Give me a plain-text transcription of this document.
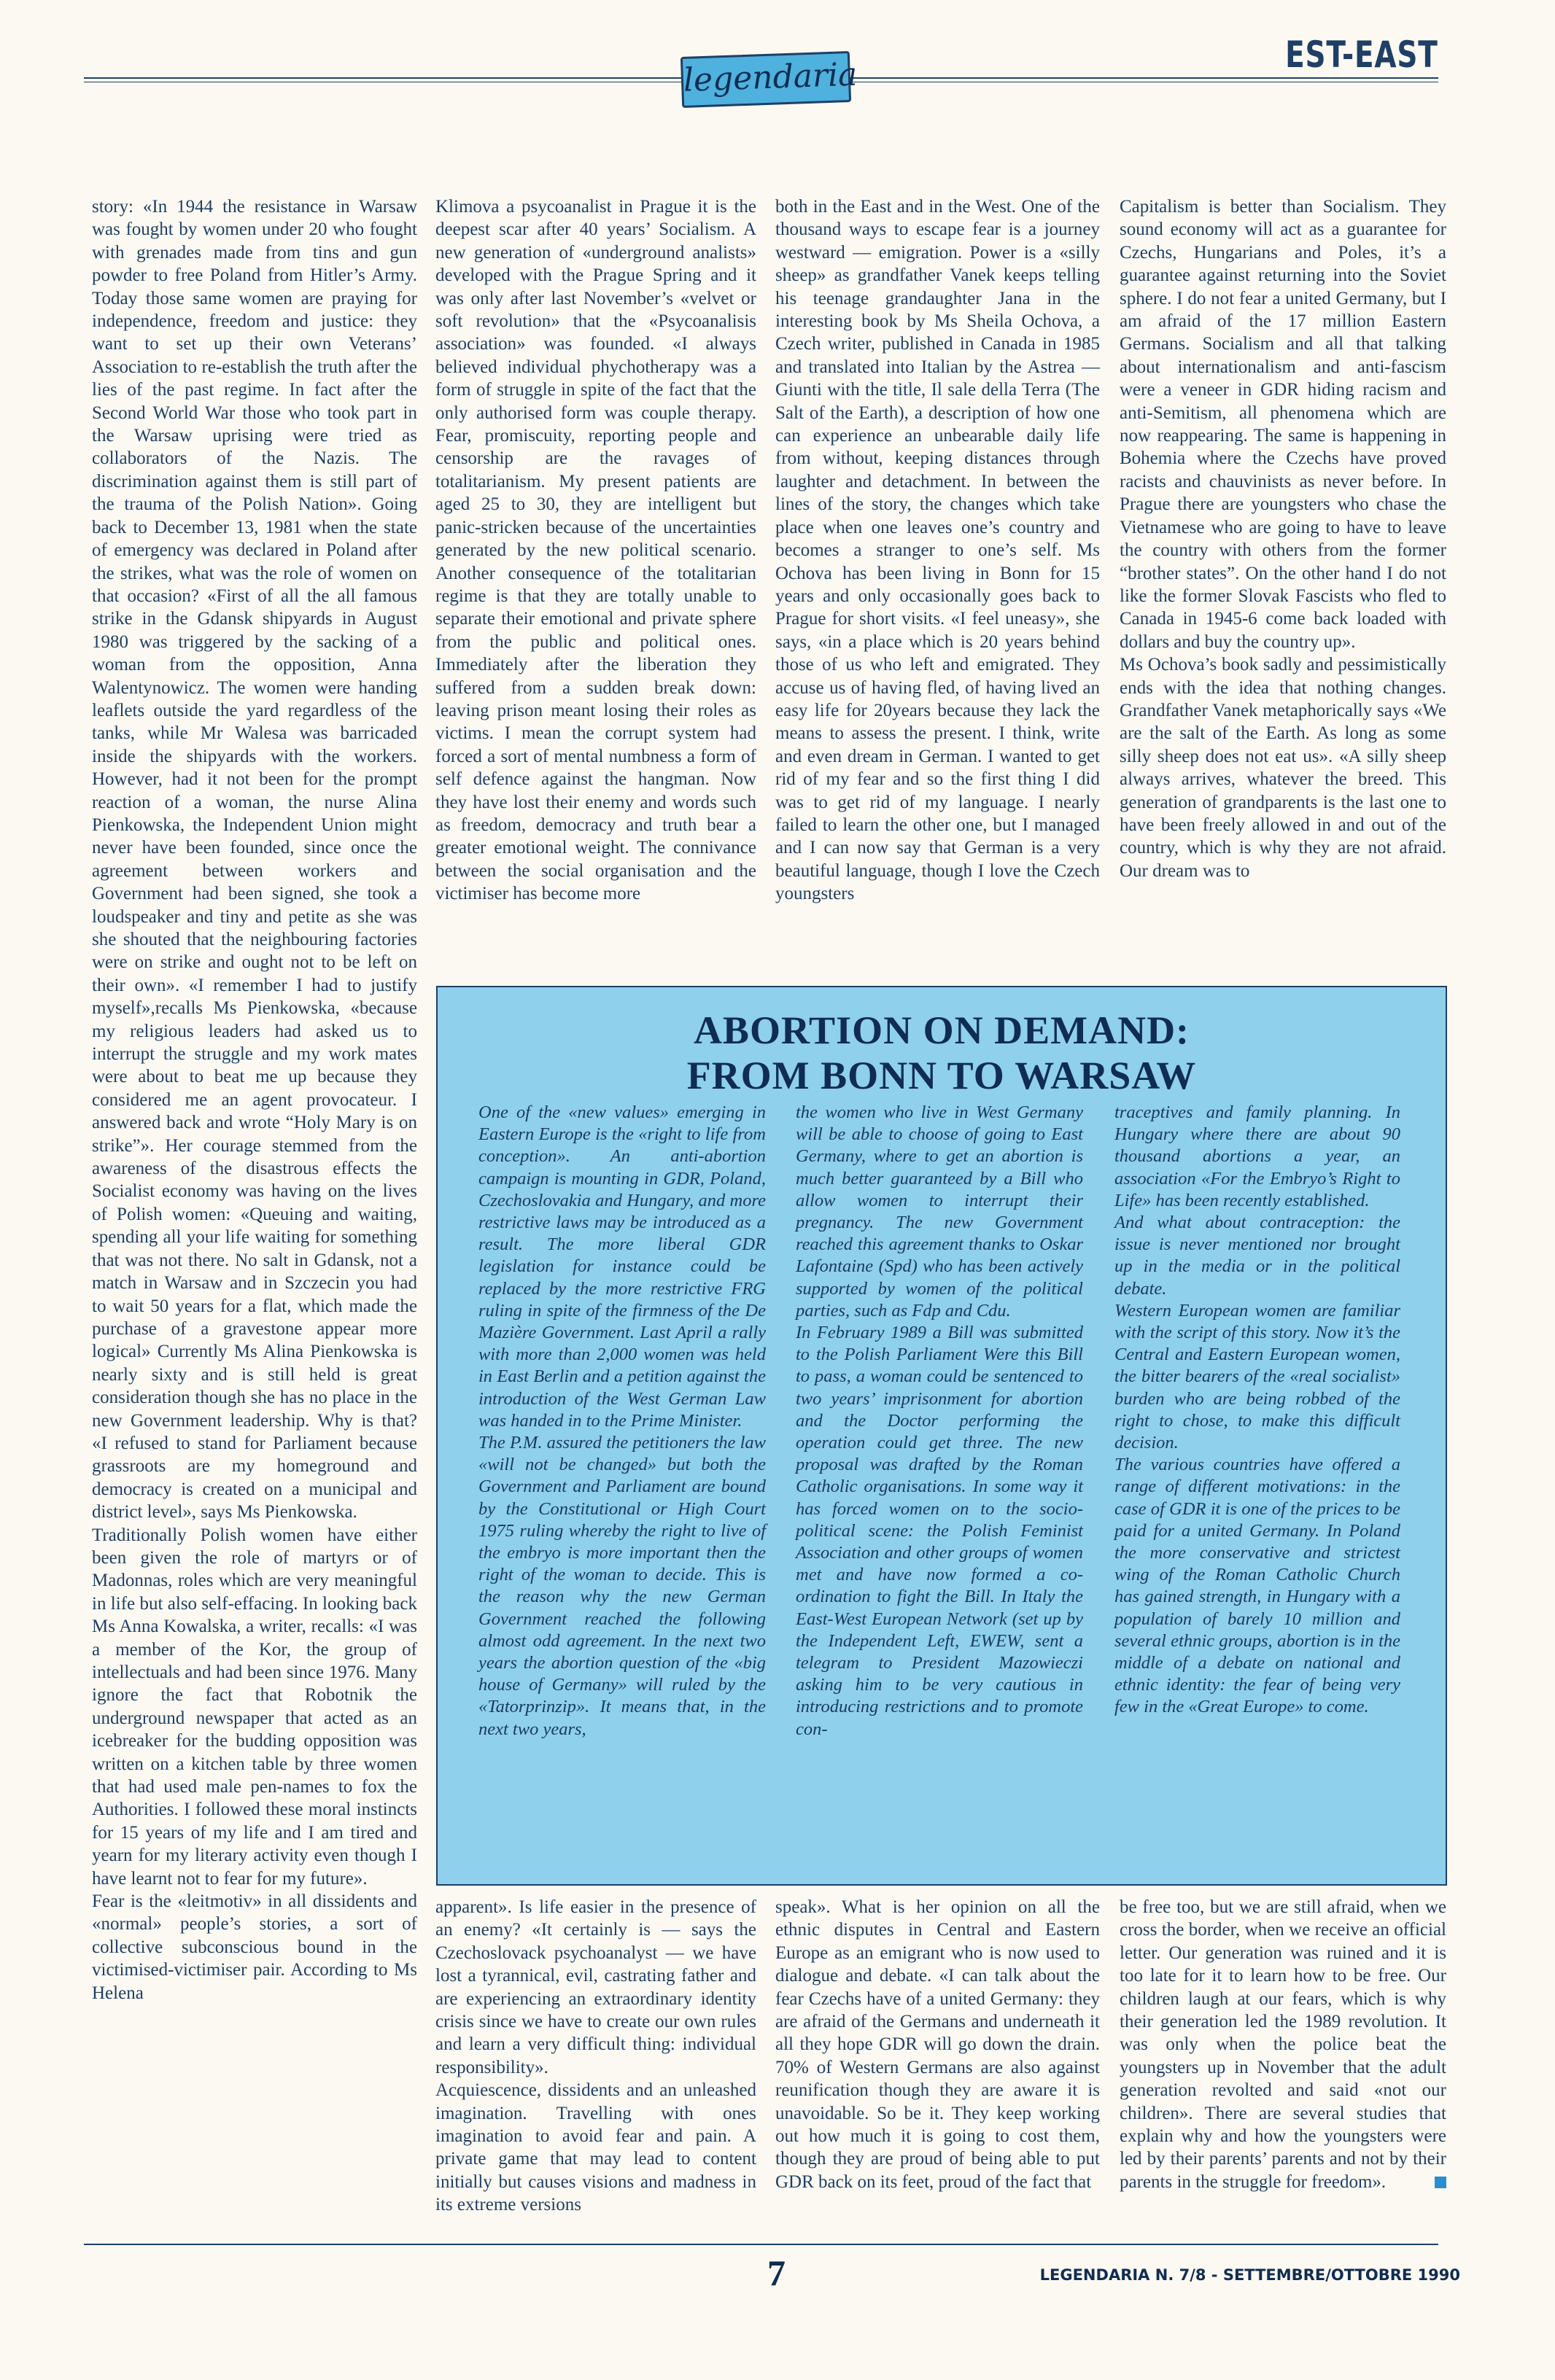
legendaria
EST-EAST

story: «In 1944 the resistance in Warsaw was fought by women under 20 who fought with grenades made from tins and gun powder to free Poland from Hitler’s Army. Today those same women are praying for independence, freedom and justice: they want to set up their own Veterans’ Association to re-establish the truth after the lies of the past regime. In fact after the Second World War those who took part in the Warsaw uprising were tried as collaborators of the Nazis. The discrimination against them is still part of the trauma of the Polish Nation». Going back to December 13, 1981 when the state of emergency was declared in Poland after the strikes, what was the role of women on that occasion? «First of all the all famous strike in the Gdansk shipyards in August 1980 was triggered by the sacking of a woman from the opposition, Anna Walentynowicz. The women were handing leaflets outside the yard regardless of the tanks, while Mr Walesa was barricaded inside the shipyards with the workers. However, had it not been for the prompt reaction of a woman, the nurse Alina Pienkowska, the Independent Union might never have been founded, since once the agreement between workers and Government had been signed, she took a loudspeaker and tiny and petite as she was she shouted that the neighbouring factories were on strike and ought not to be left on their own». «I remember I had to justify myself»,recalls Ms Pienkowska, «because my religious leaders had asked us to interrupt the struggle and my work mates were about to beat me up because they considered me an agent provocateur. I answered back and wrote “Holy Mary is on strike”». Her courage stemmed from the awareness of the disastrous effects the Socialist economy was having on the lives of Polish women: «Queuing and waiting, spending all your life waiting for something that was not there. No salt in Gdansk, not a match in Warsaw and in Szczecin you had to wait 50 years for a flat, which made the purchase of a gravestone appear more logical» Currently Ms Alina Pienkowska is nearly sixty and is still held is great consideration though she has no place in the new Government leadership. Why is that? «I refused to stand for Parliament because grassroots are my homeground and democracy is created on a municipal and district level», says Ms Pienkowska.

Traditionally Polish women have either been given the role of martyrs or of Madonnas, roles which are very meaningful in life but also self-effacing. In looking back Ms Anna Kowalska, a writer, recalls: «I was a member of the Kor, the group of intellectuals and had been since 1976. Many ignore the fact that Robotnik the underground newspaper that acted as an icebreaker for the budding opposition was written on a kitchen table by three women that had used male pen-names to fox the Authorities. I followed these moral instincts for 15 years of my life and I am tired and yearn for my literary activity even though I have learnt not to fear for my future».

Fear is the «leitmotiv» in all dissidents and «normal» people’s stories, a sort of collective subconscious bound in the victimised-victimiser pair. According to Ms Helena

Klimova a psycoanalist in Prague it is the deepest scar after 40 years’ Socialism. A new generation of «underground analists» developed with the Prague Spring and it was only after last November’s «velvet or soft revolution» that the «Psycoanalisis association» was founded. «I always believed individual phychotherapy was a form of struggle in spite of the fact that the only authorised form was couple therapy. Fear, promiscuity, reporting people and censorship are the ravages of totalitarianism. My present patients are aged 25 to 30, they are intelligent but panic-stricken because of the uncertainties generated by the new political scenario. Another consequence of the totalitarian regime is that they are totally unable to separate their emotional and private sphere from the public and political ones. Immediately after the liberation they suffered from a sudden break down: leaving prison meant losing their roles as victims. I mean the corrupt system had forced a sort of mental numbness a form of self defence against the hangman. Now they have lost their enemy and words such as freedom, democracy and truth bear a greater emotional weight. The connivance between the social organisation and the victimiser has become more

both in the East and in the West. One of the thousand ways to escape fear is a journey westward — emigration. Power is a «silly sheep» as grandfather Vanek keeps telling his teenage grandaughter Jana in the interesting book by Ms Sheila Ochova, a Czech writer, published in Canada in 1985 and translated into Italian by the Astrea — Giunti with the title, Il sale della Terra (The Salt of the Earth), a description of how one can experience an unbearable daily life from without, keeping distances through laughter and detachment. In between the lines of the story, the changes which take place when one leaves one’s country and becomes a stranger to one’s self. Ms Ochova has been living in Bonn for 15 years and only occasionally goes back to Prague for short visits. «I feel uneasy», she says, «in a place which is 20 years behind those of us who left and emigrated. They accuse us of having fled, of having lived an easy life for 20years because they lack the means to assess the present. I think, write and even dream in German. I wanted to get rid of my fear and so the first thing I did was to get rid of my language. I nearly failed to learn the other one, but I managed and I can now say that German is a very beautiful language, though I love the Czech youngsters

Capitalism is better than Socialism. They sound economy will act as a guarantee for Czechs, Hungarians and Poles, it’s a guarantee against returning into the Soviet sphere. I do not fear a united Germany, but I am afraid of the 17 million Eastern Germans. Socialism and all that talking about internationalism and anti-fascism were a veneer in GDR hiding racism and anti-Semitism, all phenomena which are now reappearing. The same is happening in Bohemia where the Czechs have proved racists and chauvinists as never before. In Prague there are youngsters who chase the Vietnamese who are going to have to leave the country with others from the former “brother states”. On the other hand I do not like the former Slovak Fascists who fled to Canada in 1945-6 come back loaded with dollars and buy the country up».

Ms Ochova’s book sadly and pessimistically ends with the idea that nothing changes. Grandfather Vanek metaphorically says «We are the salt of the Earth. As long as some silly sheep does not eat us». «A silly sheep always arrives, whatever the breed. This generation of grandparents is the last one to have been freely allowed in and out of the country, which is why they are not afraid. Our dream was to

ABORTION ON DEMAND:
FROM BONN TO WARSAW

One of the «new values» emerging in Eastern Europe is the «right to life from conception». An anti-abortion campaign is mounting in GDR, Poland, Czechoslovakia and Hungary, and more restrictive laws may be introduced as a result. The more liberal GDR legislation for instance could be replaced by the more restrictive FRG ruling in spite of the firmness of the De Mazière Government. Last April a rally with more than 2,000 women was held in East Berlin and a petition against the introduction of the West German Law was handed in to the Prime Minister.

The P.M. assured the petitioners the law «will not be changed» but both the Government and Parliament are bound by the Constitutional or High Court 1975 ruling whereby the right to live of the embryo is more important then the right of the woman to decide. This is the reason why the new German Government reached the following almost odd agreement. In the next two years the abortion question of the «big house of Germany» will ruled by the «Tatorprinzip». It means that, in the next two years,

the women who live in West Germany will be able to choose of going to East Germany, where to get an abortion is much better guaranteed by a Bill who allow women to interrupt their pregnancy. The new Government reached this agreement thanks to Oskar Lafontaine (Spd) who has been actively supported by women of the political parties, such as Fdp and Cdu.

In February 1989 a Bill was submitted to the Polish Parliament Were this Bill to pass, a woman could be sentenced to two years’ imprisonment for abortion and the Doctor performing the operation could get three. The new proposal was drafted by the Roman Catholic organisations. In some way it has forced women on to the socio-political scene: the Polish Feminist Association and other groups of women met and have now formed a co-ordination to fight the Bill. In Italy the East-West European Network (set up by the Independent Left, EWEW, sent a telegram to President Mazowieczi asking him to be very cautious in introducing restrictions and to promote con-

traceptives and family planning. In Hungary where there are about 90 thousand abortions a year, an association «For the Embryo’s Right to Life» has been recently established.

And what about contraception: the issue is never mentioned nor brought up in the media or in the political debate.

Western European women are familiar with the script of this story. Now it’s the Central and Eastern European women, the bitter bearers of the «real socialist» burden who are being robbed of the right to chose, to make this difficult decision.

The various countries have offered a range of different motivations: in the case of GDR it is one of the prices to be paid for a united Germany. In Poland the more conservative and strictest wing of the Roman Catholic Church has gained strength, in Hungary with a population of barely 10 million and several ethnic groups, abortion is in the middle of a debate on national and ethnic identity: the fear of being very few in the «Great Europe» to come.

apparent». Is life easier in the presence of an enemy? «It certainly is — says the Czechoslovack psychoanalyst — we have lost a tyrannical, evil, castrating father and are experiencing an extraordinary identity crisis since we have to create our own rules and learn a very difficult thing: individual responsibility».

Acquiescence, dissidents and an unleashed imagination. Travelling with ones imagination to avoid fear and pain. A private game that may lead to content initially but causes visions and madness in its extreme versions

speak». What is her opinion on all the ethnic disputes in Central and Eastern Europe as an emigrant who is now used to dialogue and debate. «I can talk about the fear Czechs have of a united Germany: they are afraid of the Germans and underneath it all they hope GDR will go down the drain. 70% of Western Germans are also against reunification though they are aware it is unavoidable. So be it. They keep working out how much it is going to cost them, though they are proud of being able to put GDR back on its feet, proud of the fact that

be free too, but we are still afraid, when we cross the border, when we receive an official letter. Our generation was ruined and it is too late for it to learn how to be free. Our children laugh at our fears, which is why their generation led the 1989 revolution. It was only when the police beat the youngsters up in November that the adult generation revolted and said «not our children». There are several studies that explain why and how the youngsters were led by their parents’ parents and not by their parents in the struggle for freedom».

7	LEGENDARIA N. 7/8 - SETTEMBRE/OTTOBRE 1990
